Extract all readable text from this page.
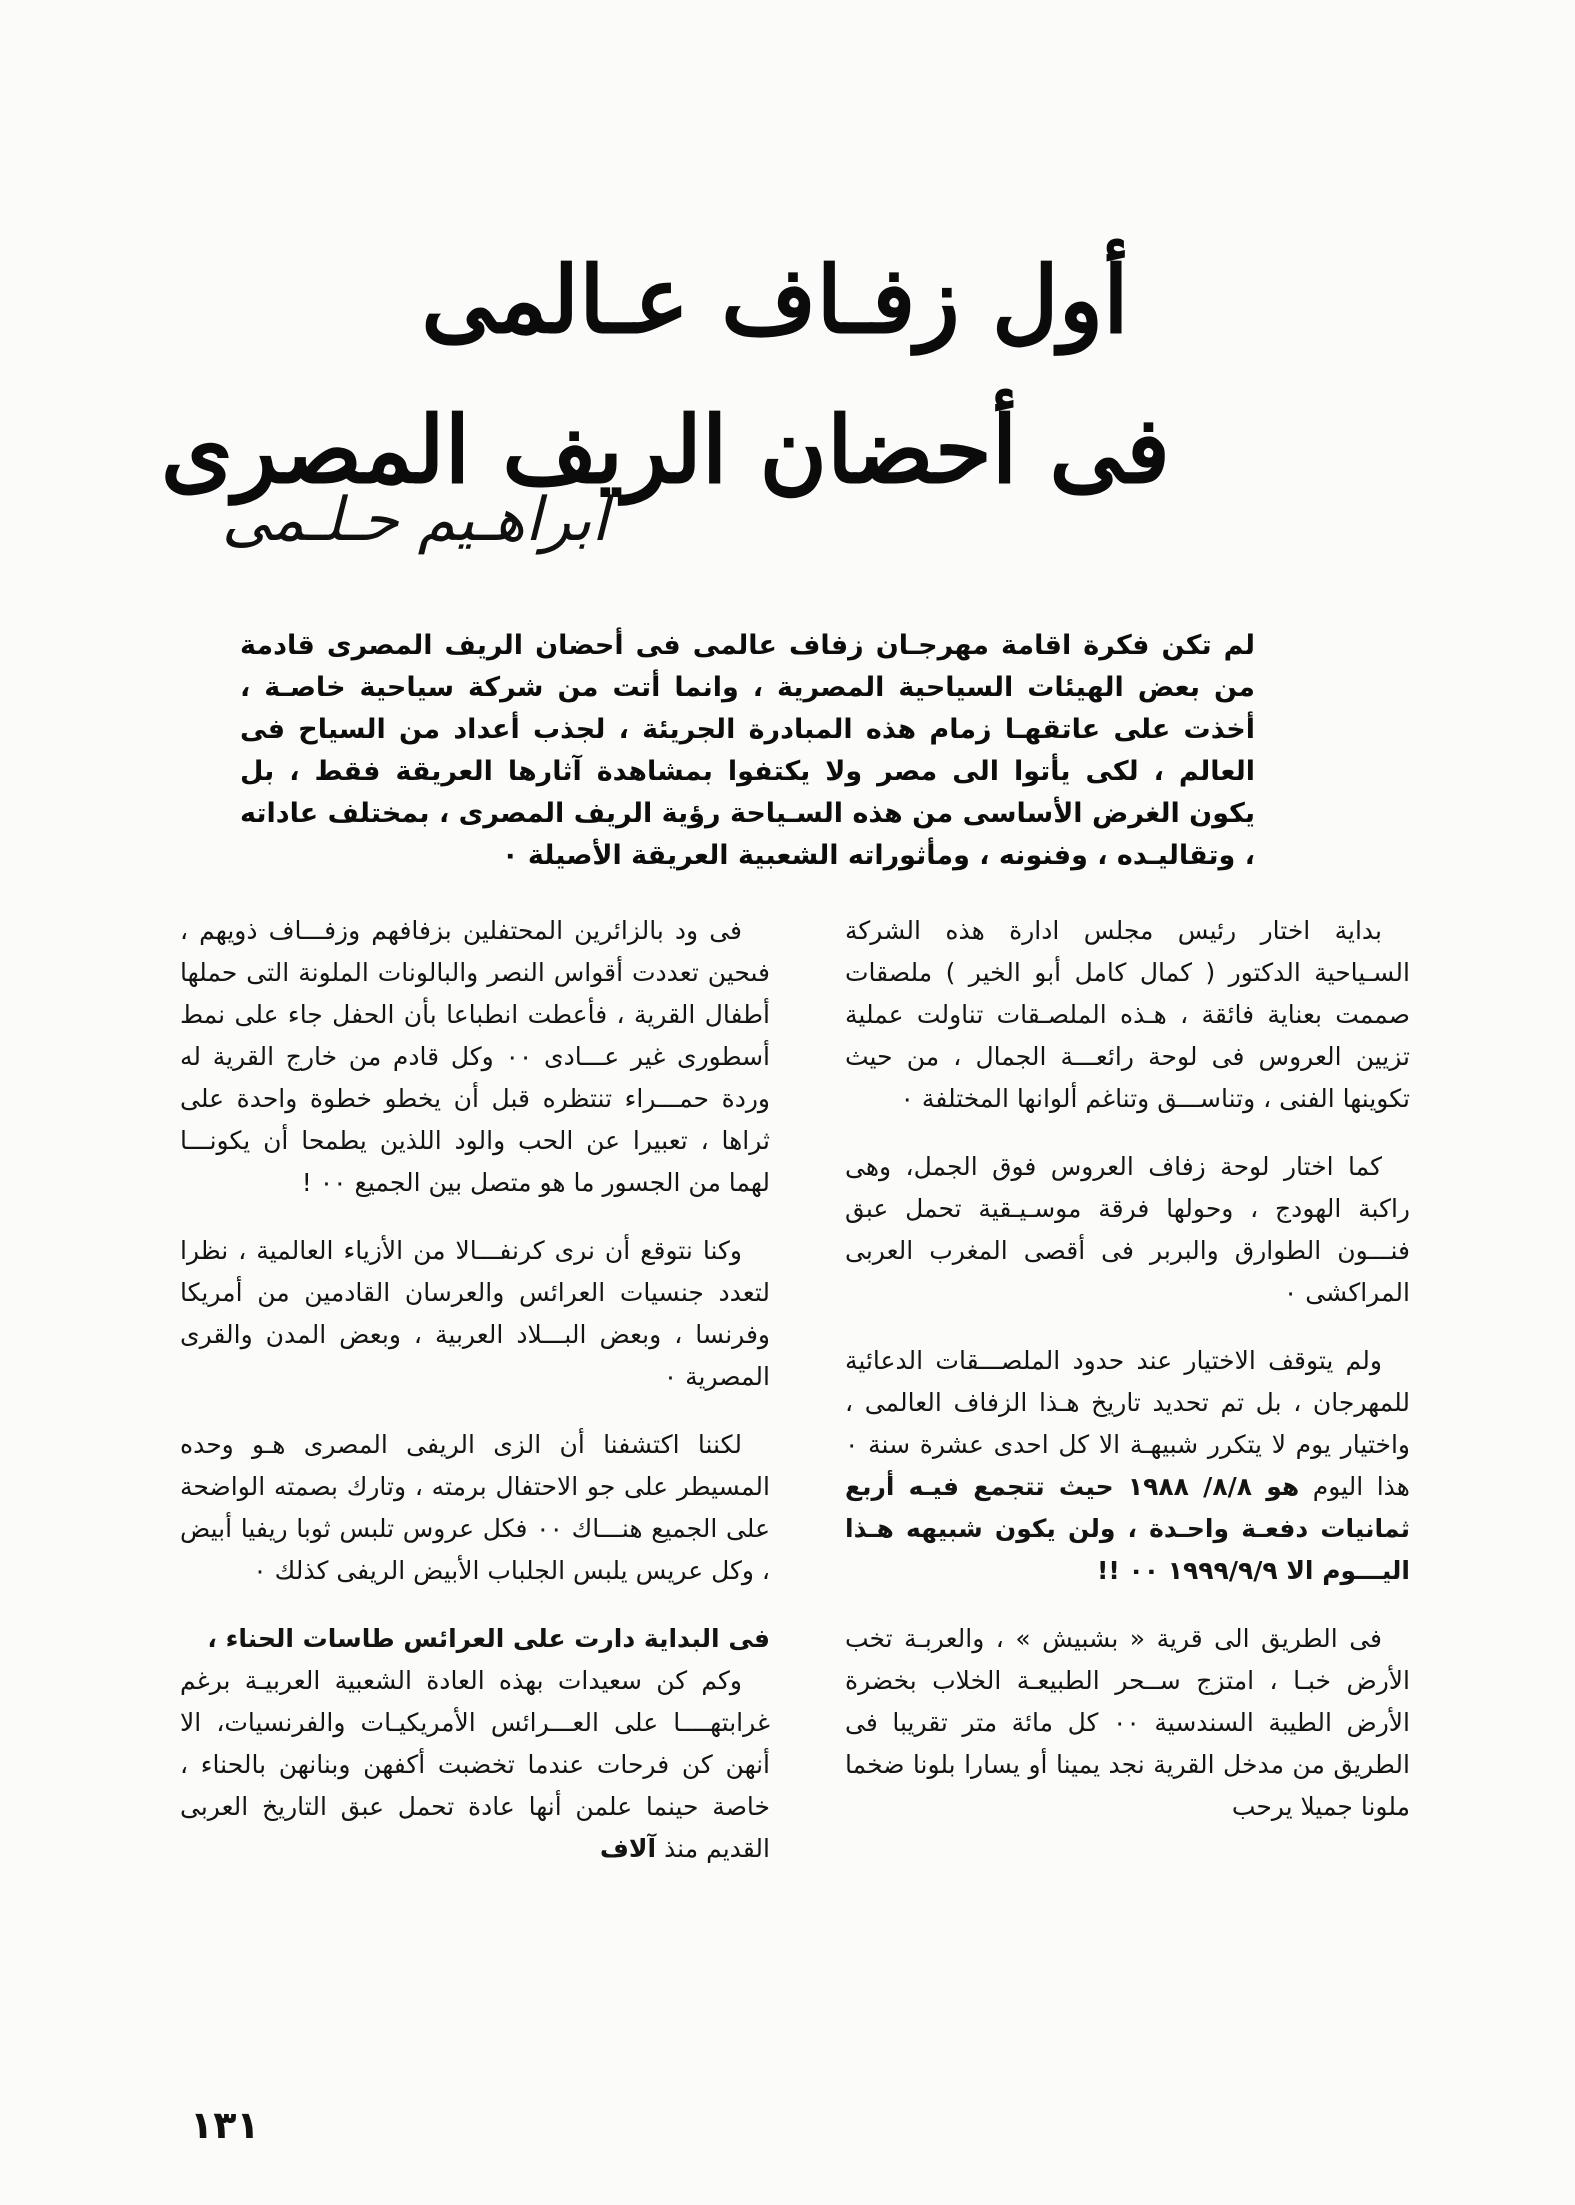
أول زفـاف عـالمى
فى أحضان الريف المصرى
ابراهـيم حـلـمى
لم تكن فكرة اقامة مهرجـان زفاف عالمى فى أحضان الريف المصرى قادمة من بعض الهيئات السياحية المصرية ، وانما أتت من شركة سياحية خاصـة ، أخذت على عاتقهـا زمام هذه المبادرة الجريئة ، لجذب أعداد من السياح فى العالم ، لكى يأتوا الى مصر ولا يكتفوا بمشاهدة آثارها العريقة فقط ، بل يكون الغرض الأساسى من هذه السـياحة رؤية الريف المصرى ، بمختلف عاداته ، وتقاليـده ، وفنونه ، ومأثوراته الشعبية العريقة الأصيلة ٠

بداية اختار رئيس مجلس ادارة هذه الشركة السـياحية الدكتور ( كمال كامل أبو الخير ) ملصقات صممت بعناية فائقة ، هـذه الملصـقات تناولت عملية تزيين العروس فى لوحة رائعـــة الجمال ، من حيث تكوينها الفنى ، وتناســـق وتناغم ألوانها المختلفة ٠

كما اختار لوحة زفاف العروس فوق الجمل، وهى راكبة الهودج ، وحولها فرقة موسـيـقية تحمل عبق فنـــون الطوارق والبربر فى أقصى المغرب العربى المراكشى ٠

ولم يتوقف الاختيار عند حدود الملصـــقات الدعائية للمهرجان ، بل تم تحديد تاريخ هـذا الزفاف العالمى ، واختيار يوم لا يتكرر شبيهـة الا كل احدى عشرة سنة ٠ هذا اليوم هو ٨/٨/ ١٩٨٨ حيث تتجمع فيـه أربع ثمانيات دفعـة واحـدة ، ولن يكون شبيهه هـذا اليـــوم الا ١٩٩٩/٩/٩ ٠٠ !!

فى الطريق الى قرية « بشبيش » ، والعربـة تخب الأرض خبـا ، امتزج ســحر الطبيعـة الخلاب بخضرة الأرض الطيبة السندسية ٠٠ كل مائة متر تقريبا فى الطريق من مدخل القرية نجد يمينا أو يسارا بلونا ضخما ملونا جميلا يرحب

فى ود بالزائرين المحتفلين بزفافهم وزفـــاف ذويهم ، فىحين تعددت أقواس النصر والبالونات الملونة التى حملها أطفال القرية ، فأعطت انطباعا بأن الحفل جاء على نمط أسطورى غير عـــادى ٠٠ وكل قادم من خارج القرية له وردة حمـــراء تنتظره قبل أن يخطو خطوة واحدة على ثراها ، تعبيرا عن الحب والود اللذين يطمحا أن يكونـــا لهما من الجسور ما هو متصل بين الجميع ٠٠ !

وكنا نتوقع أن نرى كرنفـــالا من الأزياء العالمية ، نظرا لتعدد جنسيات العرائس والعرسان القادمين من أمريكا وفرنسا ، وبعض البـــلاد العربية ، وبعض المدن والقرى المصرية ٠

لكننا اكتشفنا أن الزى الريفى المصرى هـو وحده المسيطر على جو الاحتفال برمته ، وتارك بصمته الواضحة على الجميع هنـــاك ٠٠ فكل عروس تلبس ثوبا ريفيا أبيض ، وكل عريس يلبس الجلباب الأبيض الريفى كذلك ٠

فى البداية دارت على العرائس طاسات الحناء ،

وكم كن سعيدات بهذه العادة الشعبية العربيـة برغم غرابتهــــا على العـــرائس الأمريكيـات والفرنسيات، الا أنهن كن فرحات عندما تخضبت أكفهن وبنانهن بالحناء ، خاصة حينما علمن أنها عادة تحمل عبق التاريخ العربى القديم منذ آلاف

١٣١
